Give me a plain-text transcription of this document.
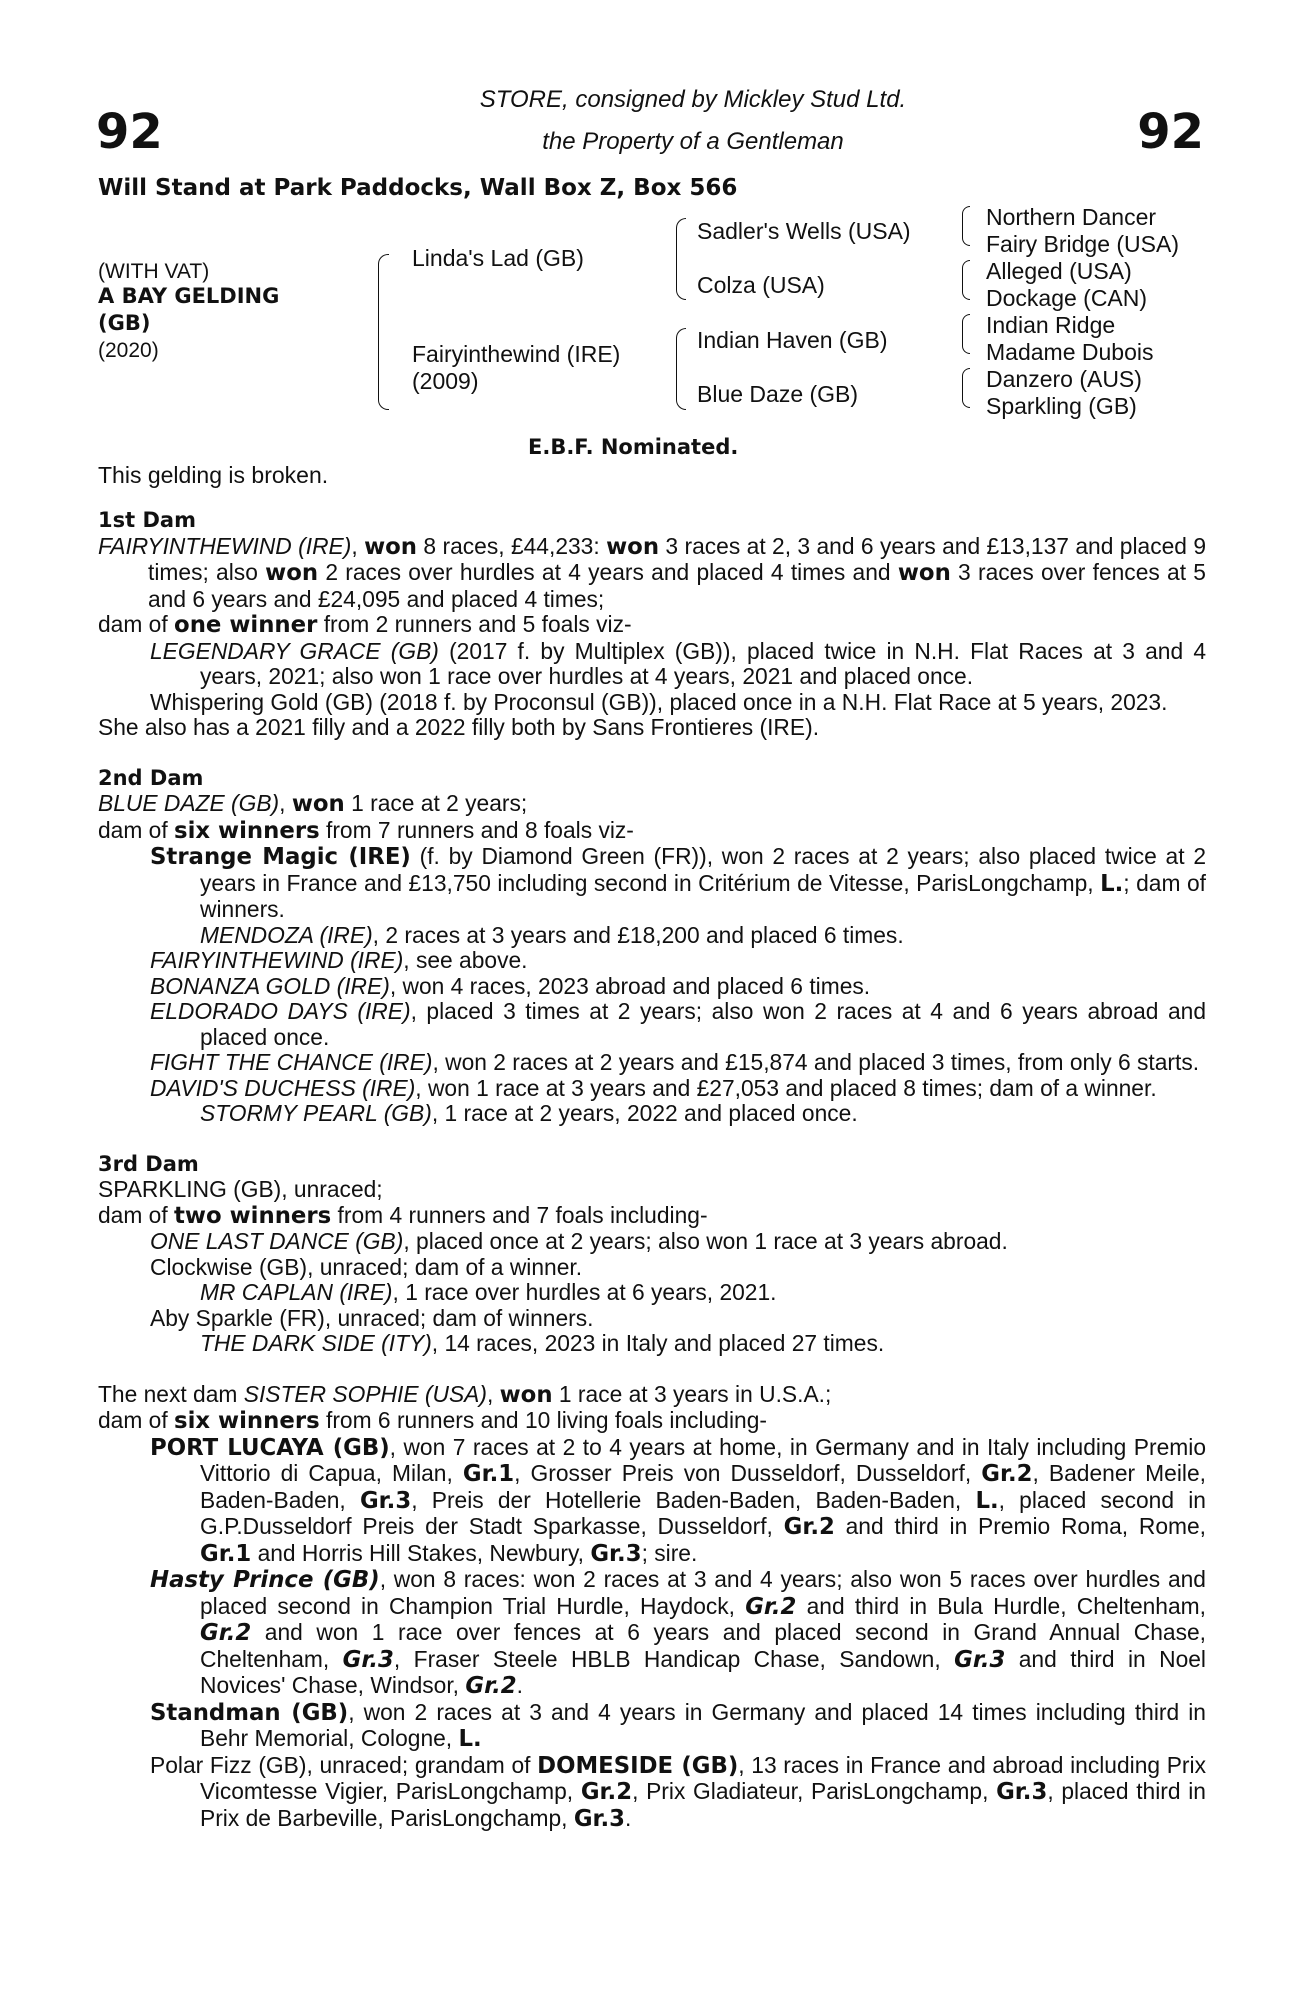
92	92
STORE, consigned by Mickley Stud Ltd.
the Property of a Gentleman
Will Stand at Park Paddocks, Wall Box Z, Box 566
(WITH VAT)
A BAY GELDING
(GB)
(2020)
This gelding is broken.
E.B.F. Nominated.
Linda's Lad (GB)
Fairyinthewind (IRE)
(2009)
Sadler's Wells (USA)
Colza (USA)
Indian Haven (GB)
Blue Daze (GB)
Northern Dancer
Fairy Bridge (USA)
Alleged (USA)
Dockage (CAN)
Indian Ridge
Madame Dubois
Danzero (AUS)
Sparkling (GB)
1st Dam

FAIRYINTHEWIND (IRE), won 8 races, £44,233: won 3 races at 2, 3 and 6 years and £13,137 and placed 9 times; also won 2 races over hurdles at 4 years and placed 4 times and won 3 races over fences at 5 and 6 years and £24,095 and placed 4 times;

dam of one winner from 2 runners and 5 foals viz-

LEGENDARY GRACE (GB) (2017 f. by Multiplex (GB)), placed twice in N.H. Flat Races at 3 and 4 years, 2021; also won 1 race over hurdles at 4 years, 2021 and placed once.

Whispering Gold (GB) (2018 f. by Proconsul (GB)), placed once in a N.H. Flat Race at 5 years, 2023.

She also has a 2021 filly and a 2022 filly both by Sans Frontieres (IRE).

2nd Dam

BLUE DAZE (GB), won 1 race at 2 years;

dam of six winners from 7 runners and 8 foals viz-

Strange Magic (IRE) (f. by Diamond Green (FR)), won 2 races at 2 years; also placed twice at 2 years in France and £13,750 including second in Critérium de Vitesse, ParisLongchamp, L.; dam of winners.

MENDOZA (IRE), 2 races at 3 years and £18,200 and placed 6 times.

FAIRYINTHEWIND (IRE), see above.

BONANZA GOLD (IRE), won 4 races, 2023 abroad and placed 6 times.

ELDORADO DAYS (IRE), placed 3 times at 2 years; also won 2 races at 4 and 6 years abroad and placed once.

FIGHT THE CHANCE (IRE), won 2 races at 2 years and £15,874 and placed 3 times, from only 6 starts.

DAVID'S DUCHESS (IRE), won 1 race at 3 years and £27,053 and placed 8 times; dam of a winner.

STORMY PEARL (GB), 1 race at 2 years, 2022 and placed once.

3rd Dam

SPARKLING (GB), unraced;

dam of two winners from 4 runners and 7 foals including-

ONE LAST DANCE (GB), placed once at 2 years; also won 1 race at 3 years abroad.

Clockwise (GB), unraced; dam of a winner.

MR CAPLAN (IRE), 1 race over hurdles at 6 years, 2021.

Aby Sparkle (FR), unraced; dam of winners.

THE DARK SIDE (ITY), 14 races, 2023 in Italy and placed 27 times.

The next dam SISTER SOPHIE (USA), won 1 race at 3 years in U.S.A.;

dam of six winners from 6 runners and 10 living foals including-

PORT LUCAYA (GB), won 7 races at 2 to 4 years at home, in Germany and in Italy including Premio Vittorio di Capua, Milan, Gr.1, Grosser Preis von Dusseldorf, Dusseldorf, Gr.2, Badener Meile, Baden-Baden, Gr.3, Preis der Hotellerie Baden-Baden, Baden-Baden, L., placed second in G.P.Dusseldorf Preis der Stadt Sparkasse, Dusseldorf, Gr.2 and third in Premio Roma, Rome, Gr.1 and Horris Hill Stakes, Newbury, Gr.3; sire.

Hasty Prince (GB), won 8 races: won 2 races at 3 and 4 years; also won 5 races over hurdles and placed second in Champion Trial Hurdle, Haydock, Gr.2 and third in Bula Hurdle, Cheltenham, Gr.2 and won 1 race over fences at 6 years and placed second in Grand Annual Chase, Cheltenham, Gr.3, Fraser Steele HBLB Handicap Chase, Sandown, Gr.3 and third in Noel Novices' Chase, Windsor, Gr.2.

Standman (GB), won 2 races at 3 and 4 years in Germany and placed 14 times including third in Behr Memorial, Cologne, L.

Polar Fizz (GB), unraced; grandam of DOMESIDE (GB), 13 races in France and abroad including Prix Vicomtesse Vigier, ParisLongchamp, Gr.2, Prix Gladiateur, ParisLongchamp, Gr.3, placed third in Prix de Barbeville, ParisLongchamp, Gr.3.
